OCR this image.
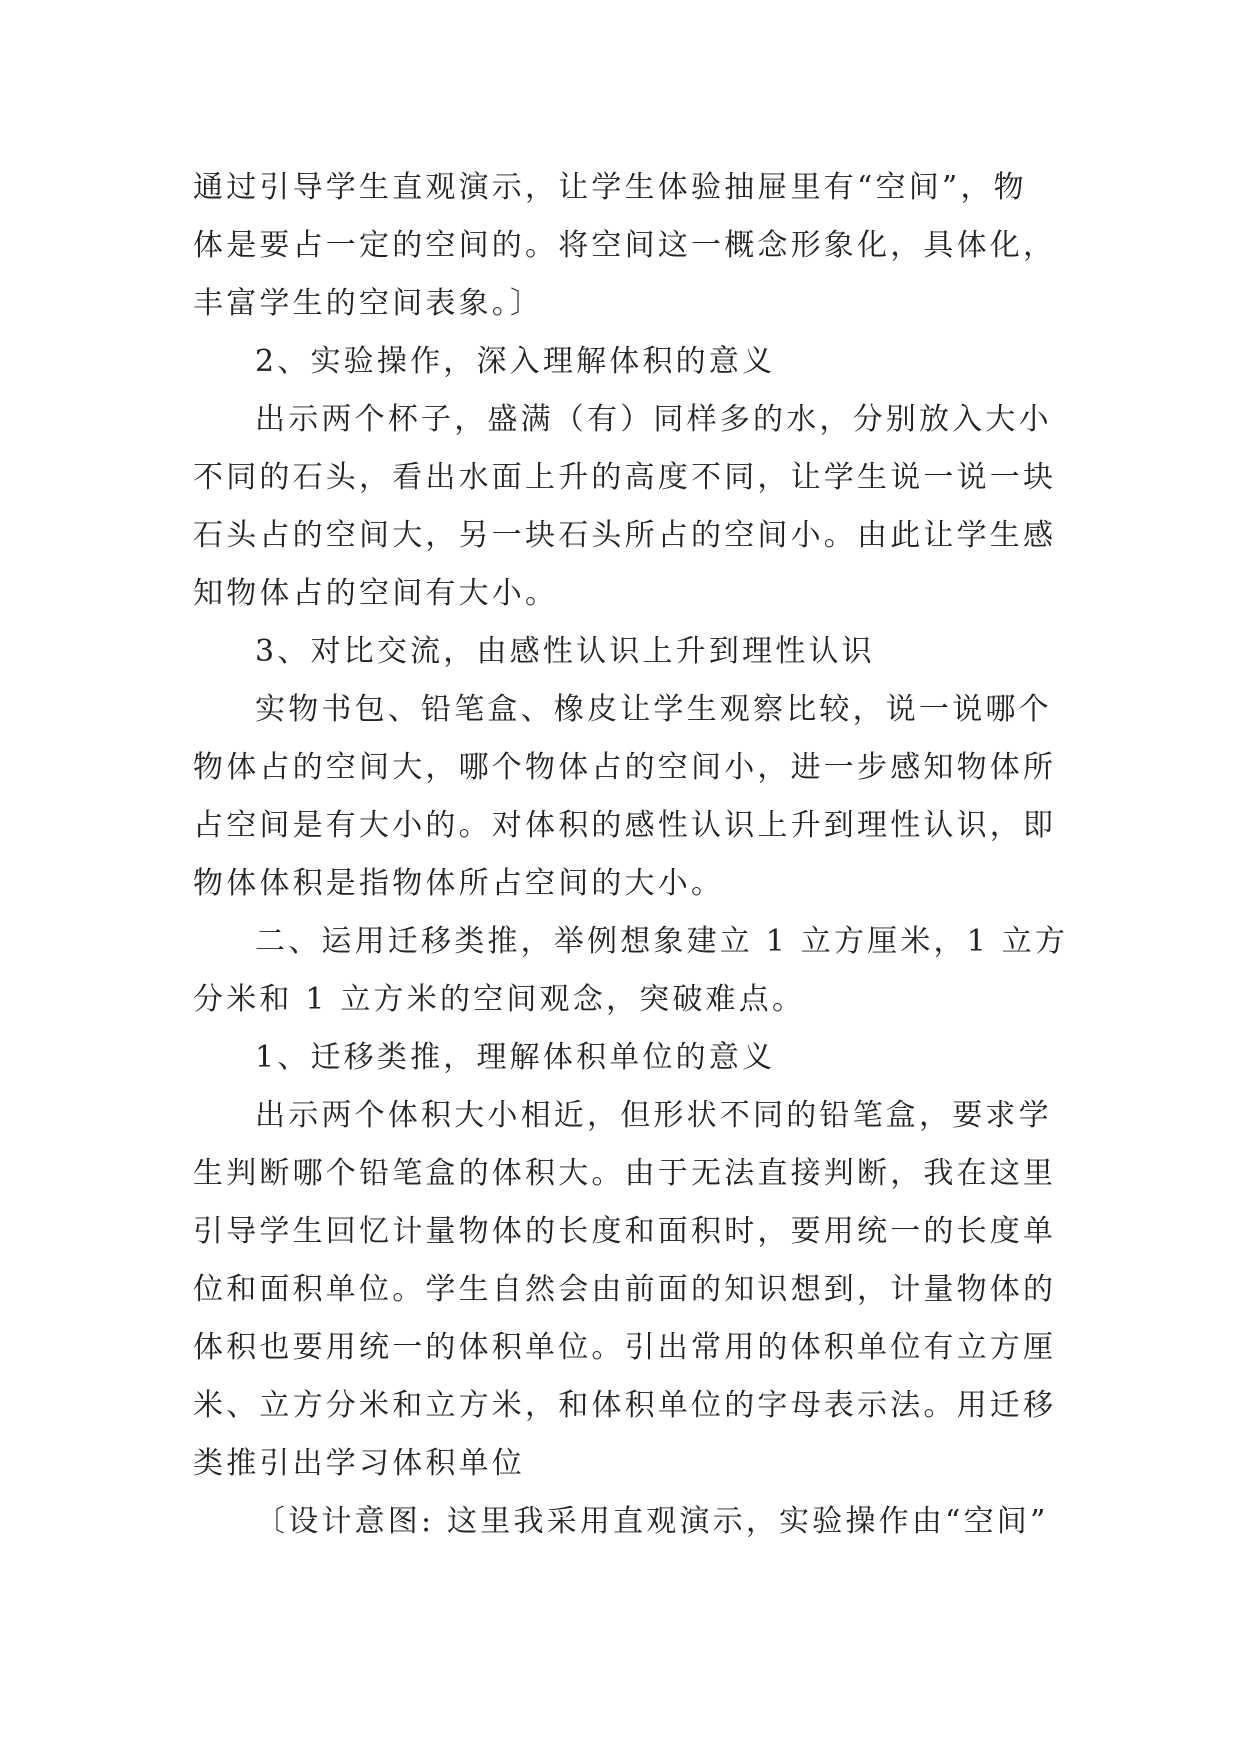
通过引导学生直观演示，让学生体验抽屉里有“空间”，物
体是要占一定的空间的。将空间这一概念形象化，具体化，
丰富学生的空间表象。〕
2、实验操作，深入理解体积的意义
出示两个杯子，盛满（有）同样多的水，分别放入大小
不同的石头，看出水面上升的高度不同，让学生说一说一块
石头占的空间大，另一块石头所占的空间小。由此让学生感
知物体占的空间有大小。
3、对比交流，由感性认识上升到理性认识
实物书包、铅笔盒、橡皮让学生观察比较，说一说哪个
物体占的空间大，哪个物体占的空间小，进一步感知物体所
占空间是有大小的。对体积的感性认识上升到理性认识，即
物体体积是指物体所占空间的大小。
二、运用迁移类推，举例想象建立 1 立方厘米，1 立方
分米和 1 立方米的空间观念，突破难点。
1、迁移类推，理解体积单位的意义
出示两个体积大小相近，但形状不同的铅笔盒，要求学
生判断哪个铅笔盒的体积大。由于无法直接判断，我在这里
引导学生回忆计量物体的长度和面积时，要用统一的长度单
位和面积单位。学生自然会由前面的知识想到，计量物体的
体积也要用统一的体积单位。引出常用的体积单位有立方厘
米、立方分米和立方米，和体积单位的字母表示法。用迁移
类推引出学习体积单位
〔设计意图: 这里我采用直观演示，实验操作由“空间”
